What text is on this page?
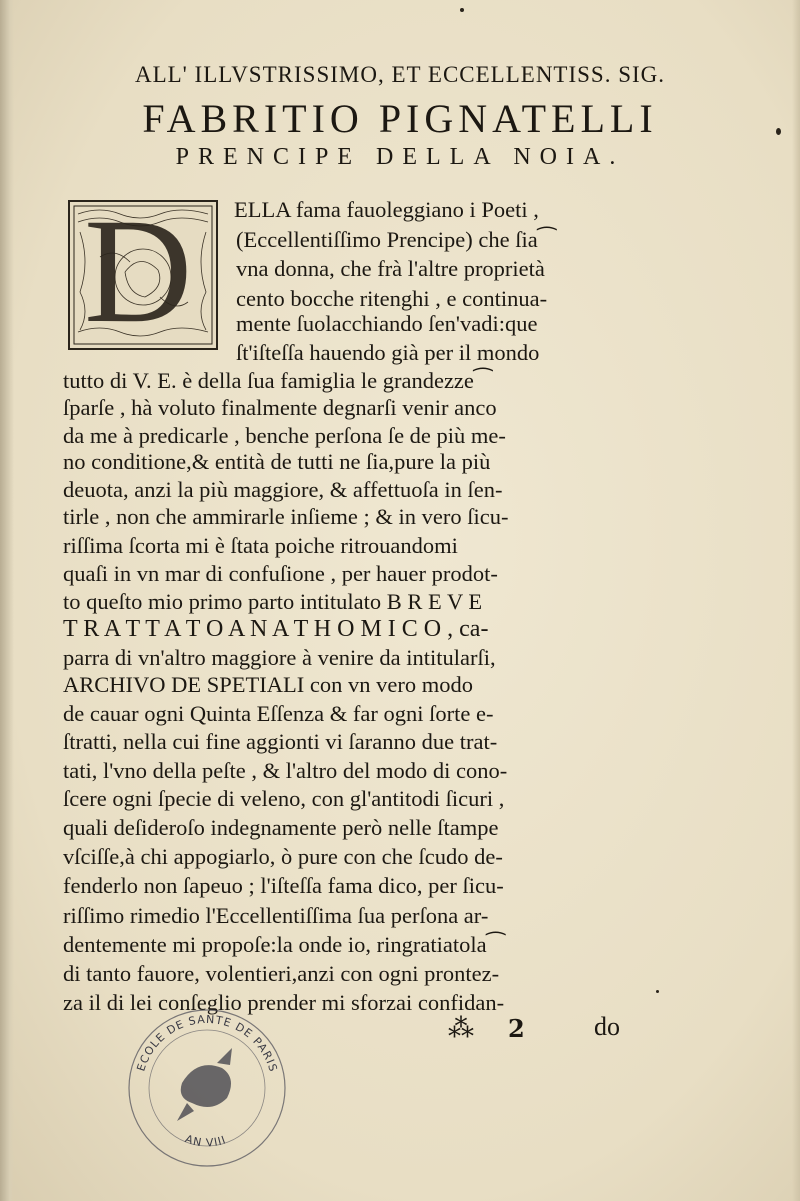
ALL' ILLVSTRISSIMO, ET ECCELLENTISS. SIG.
FABRITIO PIGNATELLI
PRENCIPE DELLA NOIA.
D ELLA fama fauoleggiano i Poeti ,
(Eccellentiſſimo Prencipe) che ſia⁀
vna donna, che frà l'altre proprietà
cento bocche ritenghi , e continua-
mente ſuolacchiando ſen'vadi:que
ſt'iſteſſa hauendo già per il mondo
tutto di V. E. è della ſua famiglia le grandezze⁀
ſparſe , hà voluto finalmente degnarſi venir anco
da me à predicarle , benche perſona ſe de più me-
no conditione,& entità de tutti ne ſia,pure la più
deuota, anzi la più maggiore, & affettuoſa in ſen-
tirle , non che ammirarle inſieme ; & in vero ſicu-
riſſima ſcorta mi è ſtata poiche ritrouandomi
quaſi in vn mar di confuſione , per hauer prodot-
to queſto mio primo parto intitulato B R E V E
T R A T T A T O A N A T H O M I C O , ca-
parra di vn'altro maggiore à venire da intitularſi,
ARCHIVO DE SPETIALI con vn vero modo
de cauar ogni Quinta Eſſenza & far ogni ſorte e-
ſtratti, nella cui fine aggionti vi ſaranno due trat-
tati, l'vno della peſte , & l'altro del modo di cono-
ſcere ogni ſpecie di veleno, con gl'antitodi ſicuri ,
quali deſideroſo indegnamente però nelle ſtampe
vſciſſe,à chi appogiarlo, ò pure con che ſcudo de-
fenderlo non ſapeuo ; l'iſteſſa fama dico, per ſicu-
riſſimo rimedio l'Eccellentiſſima ſua perſona ar-
dentemente mi propoſe:la onde io, ringratiatola⁀
di tanto fauore, volentieri,anzi con ogni prontez-
za il di lei conſeglio prender mi sforzai confidan-
⁂ 2	do
ECOLE DE SANTE DE PARIS
AN VIII
